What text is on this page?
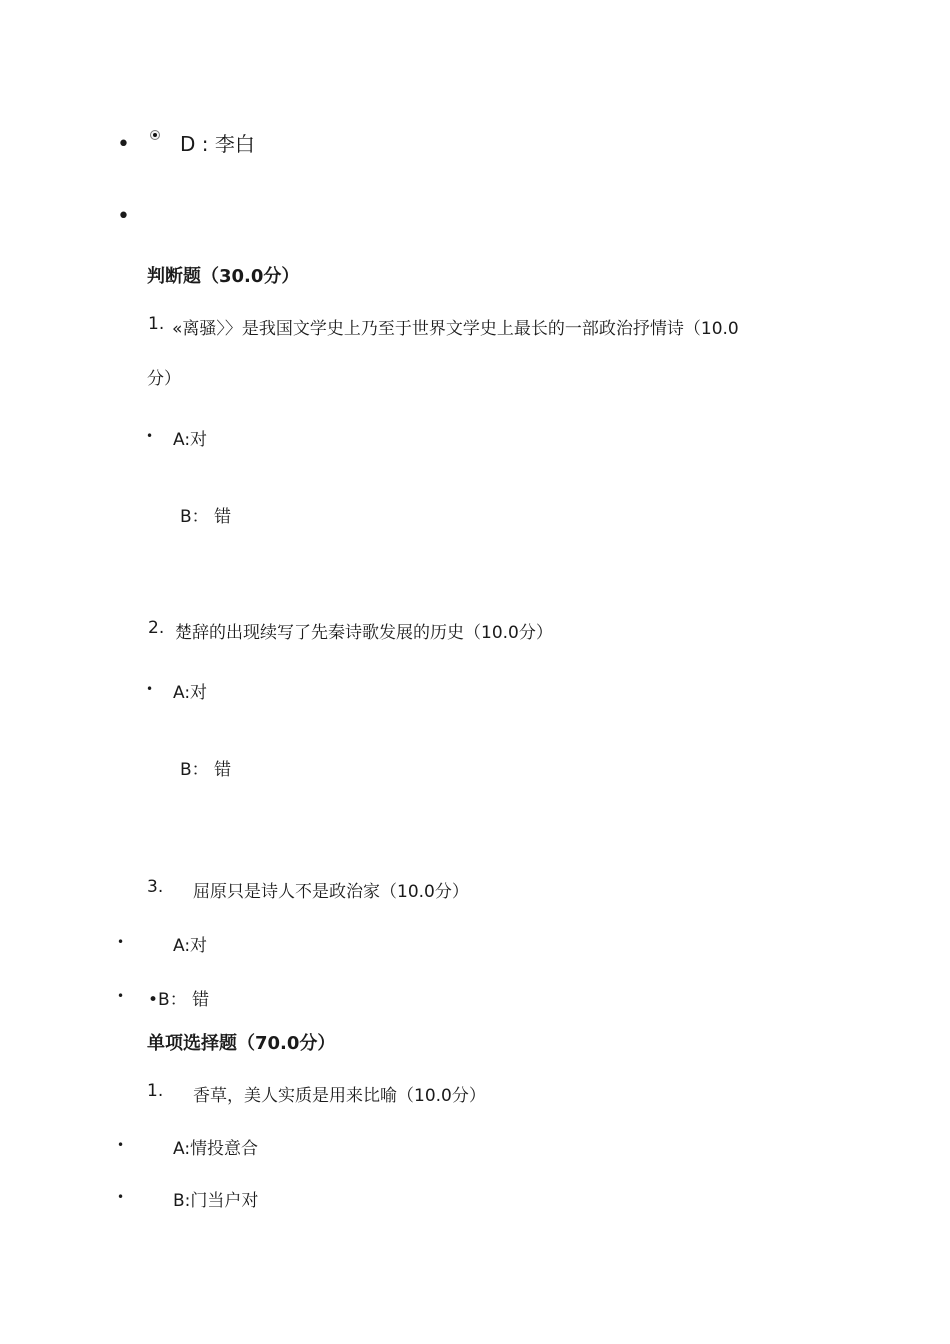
•	D : 李白
•
判断题（30.0分）
1. «离骚〉〉是我国文学史上乃至于世界文学史上最长的一部政治抒情诗（10.0
分）
• A:对
B： 错
2. 楚辞的出现续写了先秦诗歌发展的历史（10.0分）
• A:对
B： 错
3. 屈原只是诗人不是政治家（10.0分）
•	A:对
• •B： 错
单项选择题（70.0分）
1. 香草，美人实质是用来比喻（10.0分）
•	A:情投意合
•	B:门当户对
